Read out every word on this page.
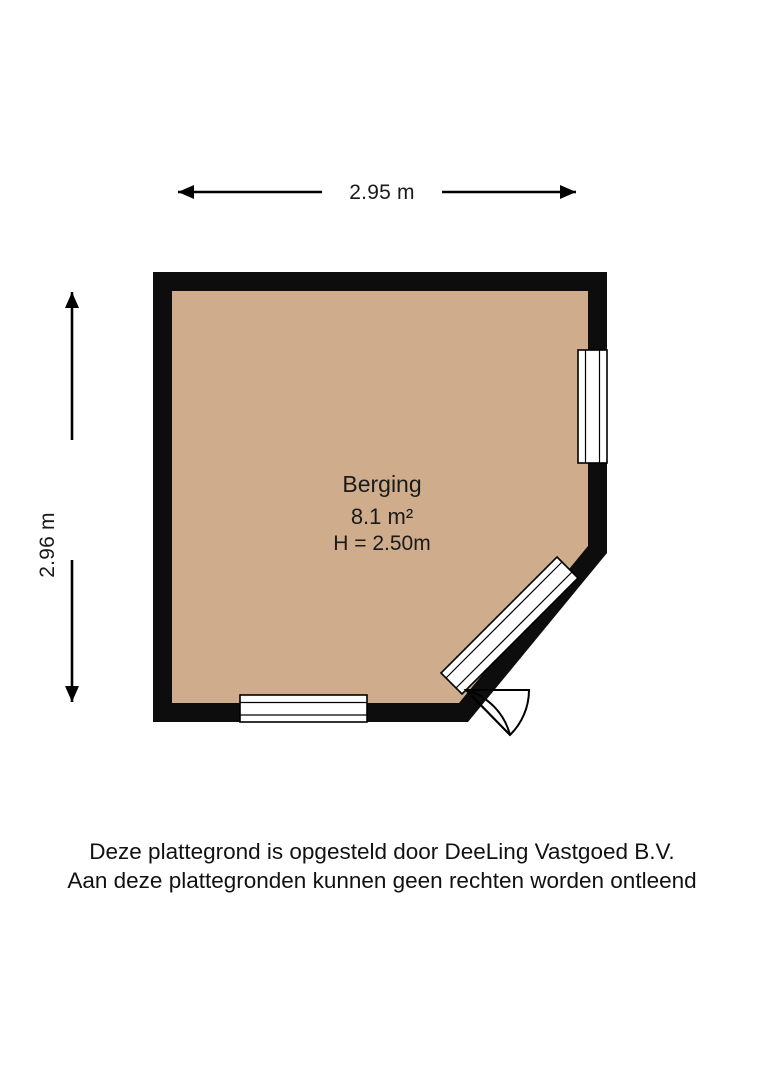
2.95 m
2.96 m
Berging
8.1 m²
H = 2.50m
Deze plattegrond is opgesteld door DeeLing Vastgoed B.V.
Aan deze plattegronden kunnen geen rechten worden ontleend
